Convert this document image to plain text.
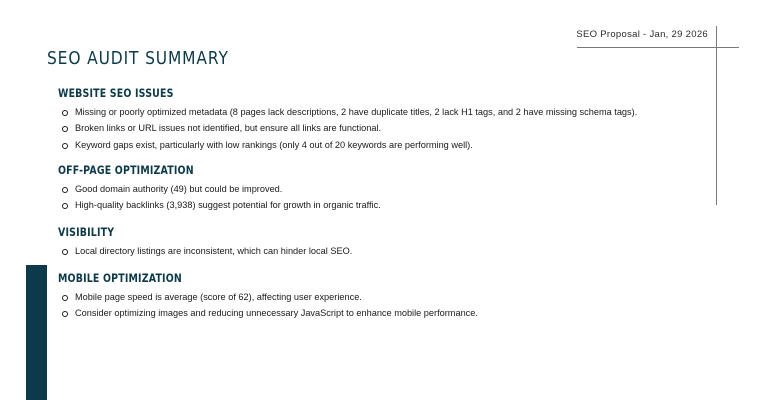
SEO Proposal - Jan, 29 2026
SEO AUDIT SUMMARY
WEBSITE SEO ISSUES
Missing or poorly optimized metadata (8 pages lack descriptions, 2 have duplicate titles, 2 lack H1 tags, and 2 have missing schema tags).
Broken links or URL issues not identified, but ensure all links are functional.
Keyword gaps exist, particularly with low rankings (only 4 out of 20 keywords are performing well).
OFF-PAGE OPTIMIZATION
Good domain authority (49) but could be improved.
High-quality backlinks (3,938) suggest potential for growth in organic traffic.
VISIBILITY
Local directory listings are inconsistent, which can hinder local SEO.
MOBILE OPTIMIZATION
Mobile page speed is average (score of 62), affecting user experience.
Consider optimizing images and reducing unnecessary JavaScript to enhance mobile performance.
